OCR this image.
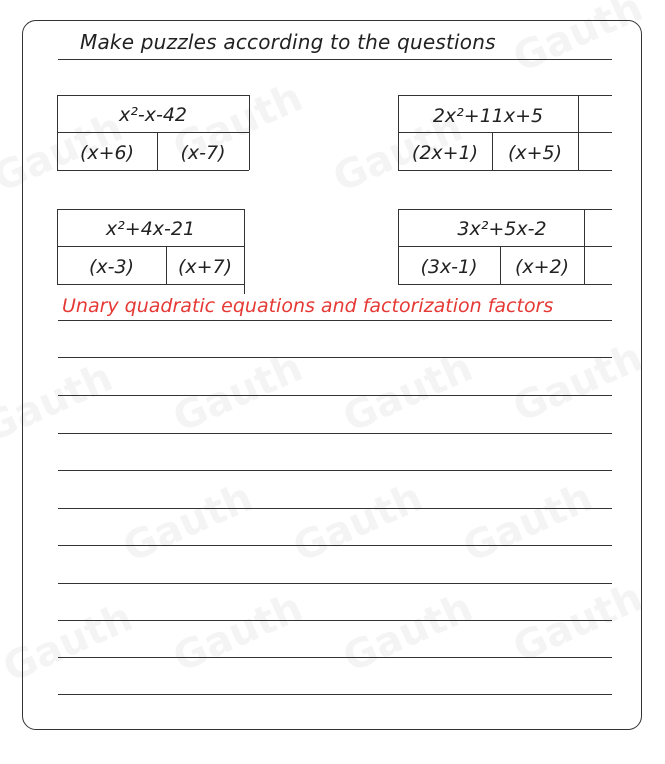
Make puzzles according to the questions
x²-x-42
(x+6)	(x-7)
2x²+11x+5
(2x+1)	(x+5)
x²+4x-21
(x-3)	(x+7)
3x²+5x-2
(3x-1)	(x+2)
Unary quadratic equations and factorization factors
